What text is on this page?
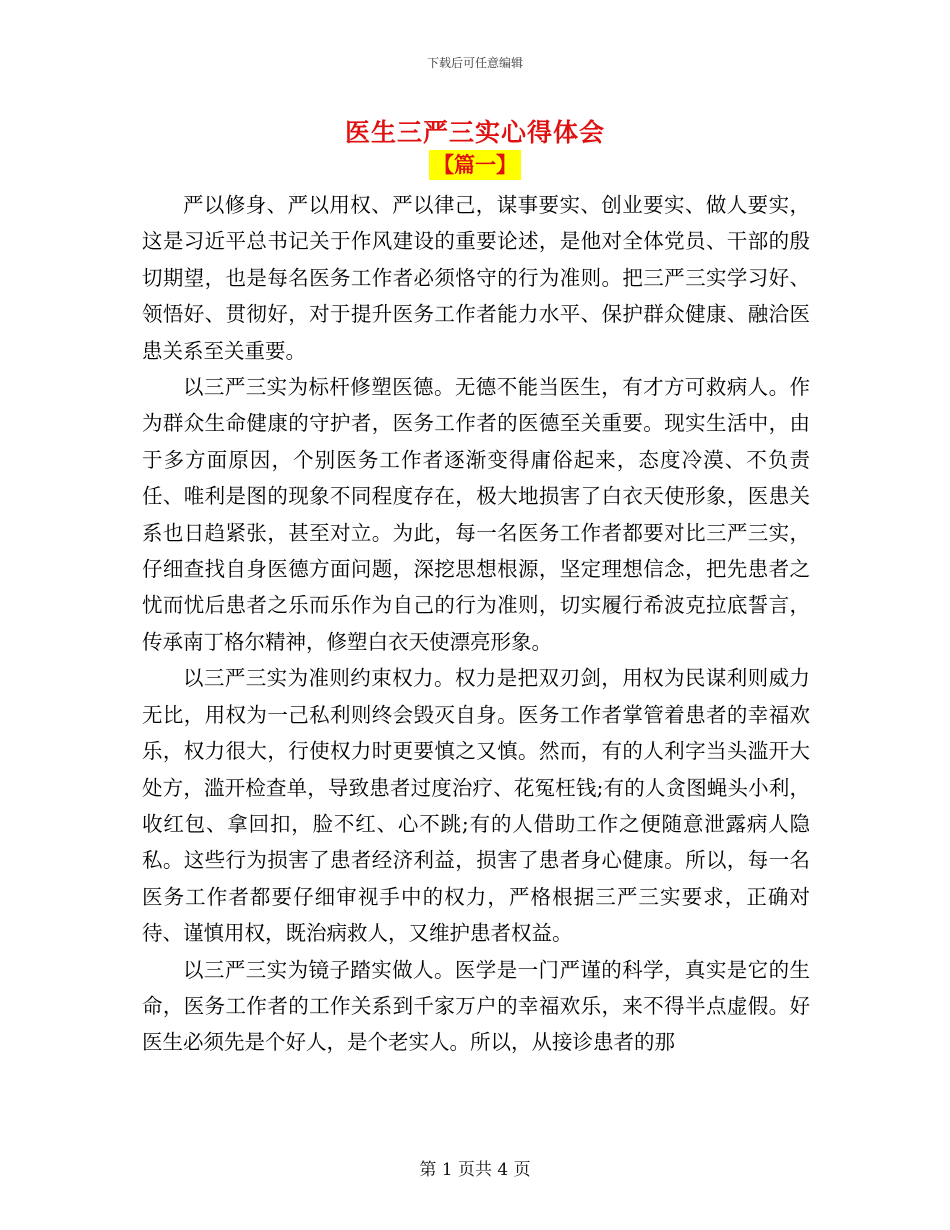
下载后可任意编辑
医生三严三实心得体会
【篇一】

严以修身、严以用权、严以律己，谋事要实、创业要实、做人要实，这是习近平总书记关于作风建设的重要论述，是他对全体党员、干部的殷切期望，也是每名医务工作者必须恪守的行为准则。把三严三实学习好、领悟好、贯彻好，对于提升医务工作者能力水平、保护群众健康、融洽医患关系至关重要。

以三严三实为标杆修塑医德。无德不能当医生，有才方可救病人。作为群众生命健康的守护者，医务工作者的医德至关重要。现实生活中，由于多方面原因，个别医务工作者逐渐变得庸俗起来，态度冷漠、不负责任、唯利是图的现象不同程度存在，极大地损害了白衣天使形象，医患关系也日趋紧张，甚至对立。为此，每一名医务工作者都要对比三严三实，仔细查找自身医德方面问题，深挖思想根源，坚定理想信念，把先患者之忧而忧后患者之乐而乐作为自己的行为准则，切实履行希波克拉底誓言，传承南丁格尔精神，修塑白衣天使漂亮形象。

以三严三实为准则约束权力。权力是把双刃剑，用权为民谋利则威力无比，用权为一己私利则终会毁灭自身。医务工作者掌管着患者的幸福欢乐，权力很大，行使权力时更要慎之又慎。然而，有的人利字当头滥开大处方，滥开检查单，导致患者过度治疗、花冤枉钱;有的人贪图蝇头小利，收红包、拿回扣，脸不红、心不跳;有的人借助工作之便随意泄露病人隐私。这些行为损害了患者经济利益，损害了患者身心健康。所以，每一名医务工作者都要仔细审视手中的权力，严格根据三严三实要求，正确对待、谨慎用权，既治病救人，又维护患者权益。

以三严三实为镜子踏实做人。医学是一门严谨的科学，真实是它的生命，医务工作者的工作关系到千家万户的幸福欢乐，来不得半点虚假。好医生必须先是个好人，是个老实人。所以，从接诊患者的那

第 1 页共 4 页
